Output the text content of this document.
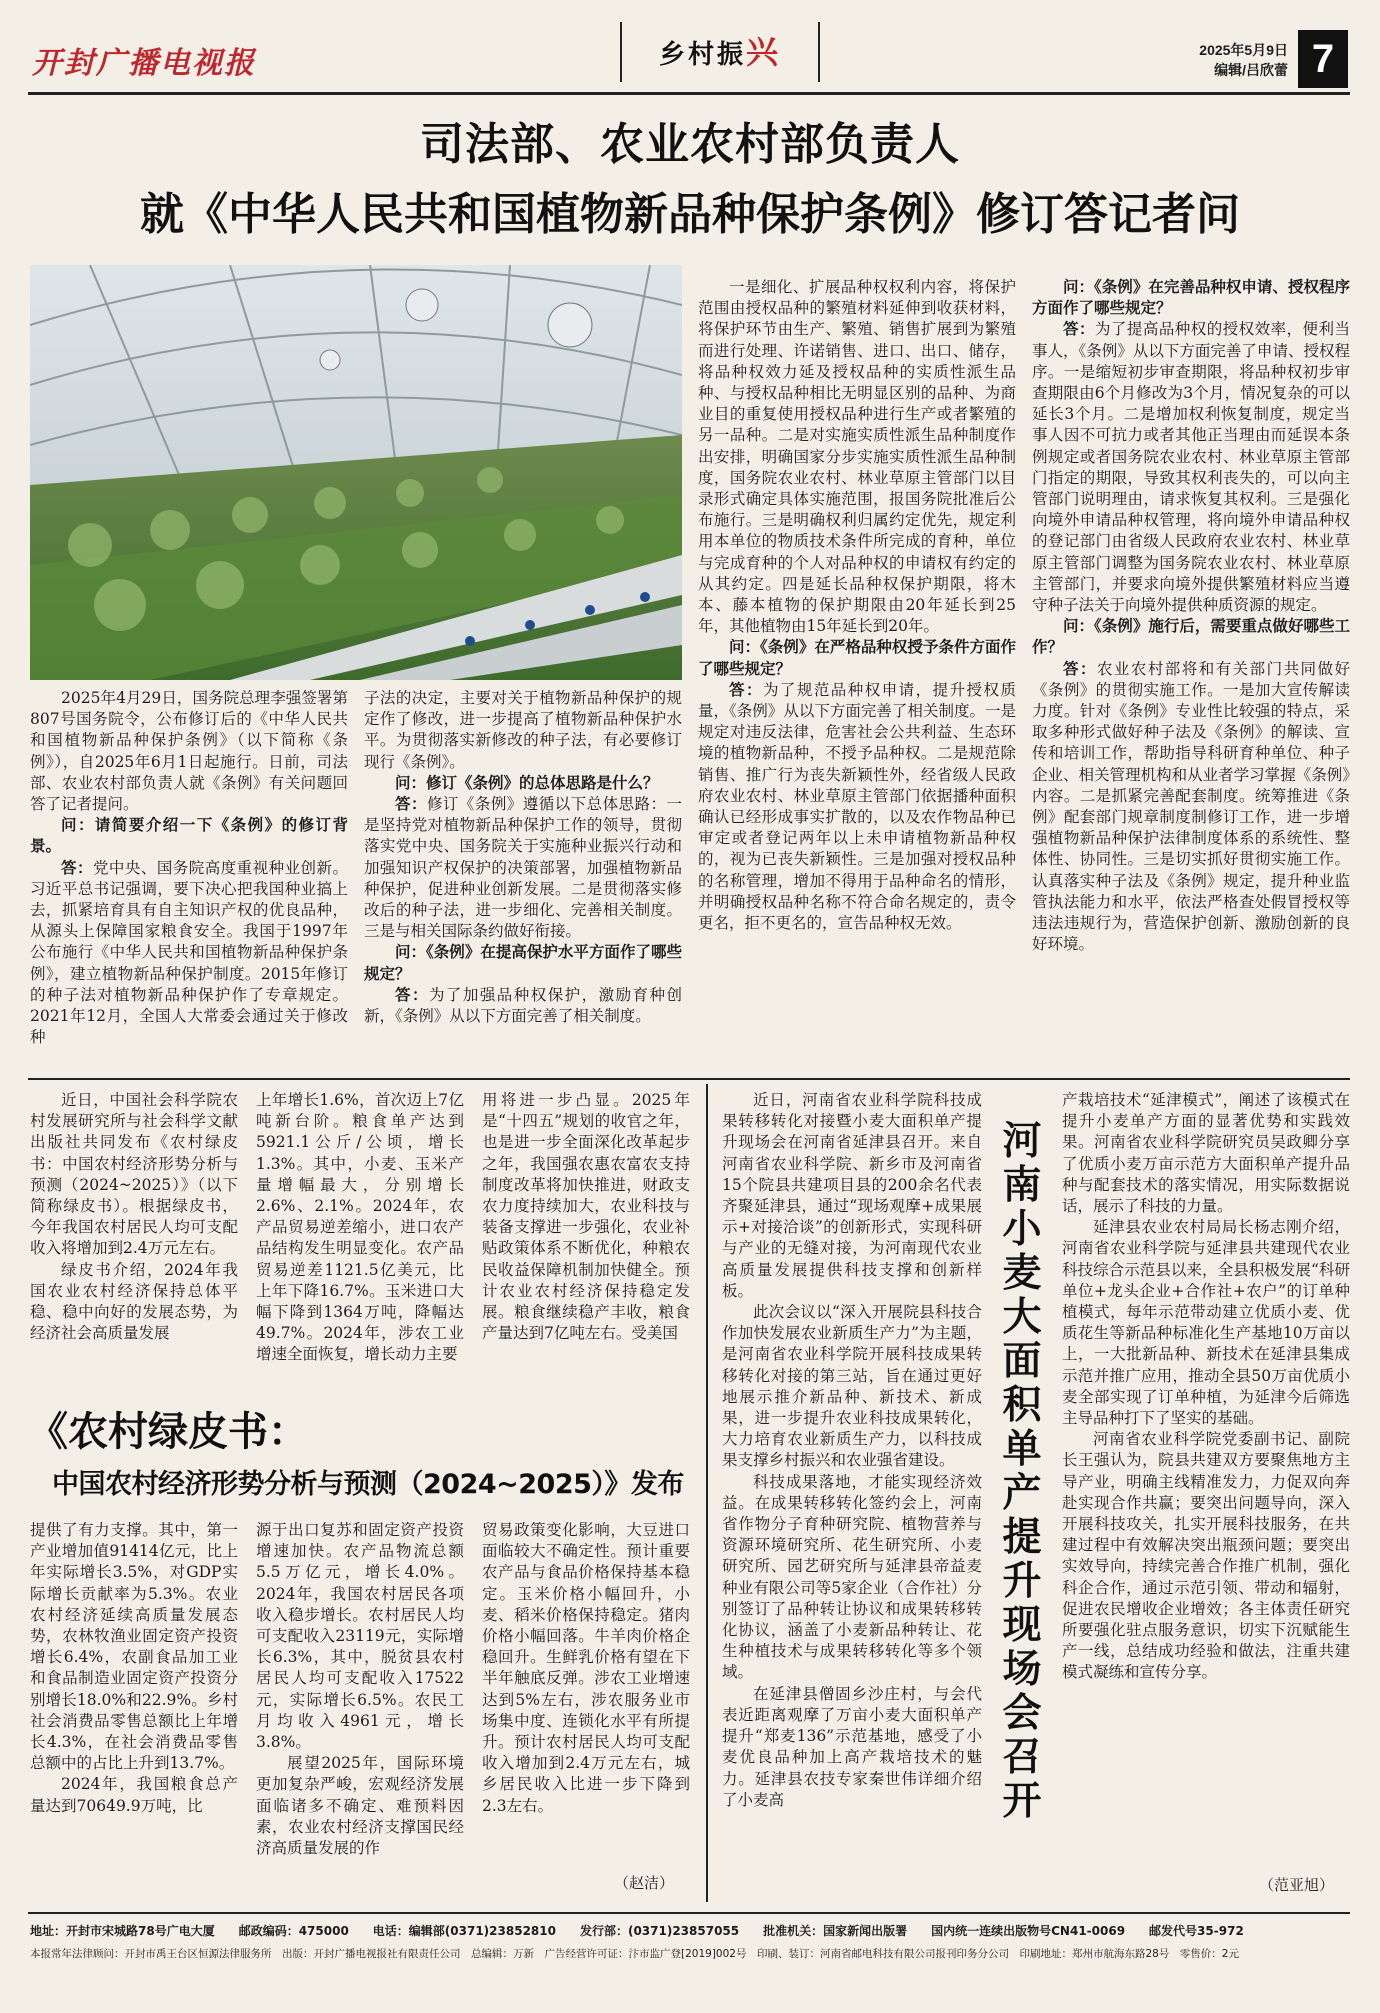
开封广播电视报	乡村振兴	2025年5月9日
编辑/吕欣蕾 7
司法部、农业农村部负责人
就《中华人民共和国植物新品种保护条例》修订答记者问

2025年4月29日，国务院总理李强签署第807号国务院令，公布修订后的《中华人民共和国植物新品种保护条例》（以下简称《条例》），自2025年6月1日起施行。日前，司法部、农业农村部负责人就《条例》有关问题回答了记者提问。

问：请简要介绍一下《条例》的修订背景。

答：党中央、国务院高度重视种业创新。习近平总书记强调，要下决心把我国种业搞上去，抓紧培育具有自主知识产权的优良品种，从源头上保障国家粮食安全。我国于1997年公布施行《中华人民共和国植物新品种保护条例》，建立植物新品种保护制度。2015年修订的种子法对植物新品种保护作了专章规定。2021年12月，全国人大常委会通过关于修改种

子法的决定，主要对关于植物新品种保护的规定作了修改，进一步提高了植物新品种保护水平。为贯彻落实新修改的种子法，有必要修订现行《条例》。

问：修订《条例》的总体思路是什么？

答：修订《条例》遵循以下总体思路：一是坚持党对植物新品种保护工作的领导，贯彻落实党中央、国务院关于实施种业振兴行动和加强知识产权保护的决策部署，加强植物新品种保护，促进种业创新发展。二是贯彻落实修改后的种子法，进一步细化、完善相关制度。三是与相关国际条约做好衔接。

问：《条例》在提高保护水平方面作了哪些规定？

答：为了加强品种权保护，激励育种创新，《条例》从以下方面完善了相关制度。

一是细化、扩展品种权权利内容，将保护范围由授权品种的繁殖材料延伸到收获材料，将保护环节由生产、繁殖、销售扩展到为繁殖而进行处理、许诺销售、进口、出口、储存，将品种权效力延及授权品种的实质性派生品种、与授权品种相比无明显区别的品种、为商业目的重复使用授权品种进行生产或者繁殖的另一品种。二是对实施实质性派生品种制度作出安排，明确国家分步实施实质性派生品种制度，国务院农业农村、林业草原主管部门以目录形式确定具体实施范围，报国务院批准后公布施行。三是明确权利归属约定优先，规定利用本单位的物质技术条件所完成的育种，单位与完成育种的个人对品种权的申请权有约定的从其约定。四是延长品种权保护期限，将木本、藤本植物的保护期限由20年延长到25年，其他植物由15年延长到20年。

问：《条例》在严格品种权授予条件方面作了哪些规定？

答：为了规范品种权申请，提升授权质量，《条例》从以下方面完善了相关制度。一是规定对违反法律，危害社会公共利益、生态环境的植物新品种，不授予品种权。二是规范除销售、推广行为丧失新颖性外，经省级人民政府农业农村、林业草原主管部门依据播种面积确认已经形成事实扩散的，以及农作物品种已审定或者登记两年以上未申请植物新品种权的，视为已丧失新颖性。三是加强对授权品种的名称管理，增加不得用于品种命名的情形，并明确授权品种名称不符合命名规定的，责令更名，拒不更名的，宣告品种权无效。

问：《条例》在完善品种权申请、授权程序方面作了哪些规定？

答：为了提高品种权的授权效率，便利当事人，《条例》从以下方面完善了申请、授权程序。一是缩短初步审查期限，将品种权初步审查期限由6个月修改为3个月，情况复杂的可以延长3个月。二是增加权利恢复制度，规定当事人因不可抗力或者其他正当理由而延误本条例规定或者国务院农业农村、林业草原主管部门指定的期限，导致其权利丧失的，可以向主管部门说明理由，请求恢复其权利。三是强化向境外申请品种权管理，将向境外申请品种权的登记部门由省级人民政府农业农村、林业草原主管部门调整为国务院农业农村、林业草原主管部门，并要求向境外提供繁殖材料应当遵守种子法关于向境外提供种质资源的规定。

问：《条例》施行后，需要重点做好哪些工作？

答：农业农村部将和有关部门共同做好《条例》的贯彻实施工作。一是加大宣传解读力度。针对《条例》专业性比较强的特点，采取多种形式做好种子法及《条例》的解读、宣传和培训工作，帮助指导科研育种单位、种子企业、相关管理机构和从业者学习掌握《条例》内容。二是抓紧完善配套制度。统筹推进《条例》配套部门规章制度制修订工作，进一步增强植物新品种保护法律制度体系的系统性、整体性、协同性。三是切实抓好贯彻实施工作。认真落实种子法及《条例》规定，提升种业监管执法能力和水平，依法严格查处假冒授权等违法违规行为，营造保护创新、激励创新的良好环境。

近日，中国社会科学院农村发展研究所与社会科学文献出版社共同发布《农村绿皮书：中国农村经济形势分析与预测（2024~2025）》（以下简称绿皮书）。根据绿皮书，今年我国农村居民人均可支配收入将增加到2.4万元左右。

绿皮书介绍，2024年我国农业农村经济保持总体平稳、稳中向好的发展态势，为经济社会高质量发展

上年增长1.6%，首次迈上7亿吨新台阶。粮食单产达到5921.1公斤/公顷，增长1.3%。其中，小麦、玉米产量增幅最大，分别增长2.6%、2.1%。2024年，农产品贸易逆差缩小，进口农产品结构发生明显变化。农产品贸易逆差1121.5亿美元，比上年下降16.7%。玉米进口大幅下降到1364万吨，降幅达49.7%。2024年，涉农工业增速全面恢复，增长动力主要

用将进一步凸显。2025年是“十四五”规划的收官之年，也是进一步全面深化改革起步之年，我国强农惠农富农支持制度改革将加快推进，财政支农力度持续加大，农业科技与装备支撑进一步强化，农业补贴政策体系不断优化，种粮农民收益保障机制加快健全。预计农业农村经济保持稳定发展。粮食继续稳产丰收，粮食产量达到7亿吨左右。受美国

《农村绿皮书：
中国农村经济形势分析与预测（2024~2025）》发布

提供了有力支撑。其中，第一产业增加值91414亿元，比上年实际增长3.5%，对GDP实际增长贡献率为5.3%。农业农村经济延续高质量发展态势，农林牧渔业固定资产投资增长6.4%，农副食品加工业和食品制造业固定资产投资分别增长18.0%和22.9%。乡村社会消费品零售总额比上年增长4.3%，在社会消费品零售总额中的占比上升到13.7%。

2024年，我国粮食总产量达到70649.9万吨，比

源于出口复苏和固定资产投资增速加快。农产品物流总额5.5万亿元，增长4.0%。2024年，我国农村居民各项收入稳步增长。农村居民人均可支配收入23119元，实际增长6.3%，其中，脱贫县农村居民人均可支配收入17522元，实际增长6.5%。农民工月均收入4961元，增长3.8%。

展望2025年，国际环境更加复杂严峻，宏观经济发展面临诸多不确定、难预料因素，农业农村经济支撑国民经济高质量发展的作

贸易政策变化影响，大豆进口面临较大不确定性。预计重要农产品与食品价格保持基本稳定。玉米价格小幅回升，小麦、稻米价格保持稳定。猪肉价格小幅回落。牛羊肉价格企稳回升。生鲜乳价格有望在下半年触底反弹。涉农工业增速达到5%左右，涉农服务业市场集中度、连锁化水平有所提升。预计农村居民人均可支配收入增加到2.4万元左右，城乡居民收入比进一步下降到2.3左右。

（赵洁）

近日，河南省农业科学院科技成果转移转化对接暨小麦大面积单产提升现场会在河南省延津县召开。来自河南省农业科学院、新乡市及河南省15个院县共建项目县的200余名代表齐聚延津县，通过“现场观摩+成果展示+对接洽谈”的创新形式，实现科研与产业的无缝对接，为河南现代农业高质量发展提供科技支撑和创新样板。

此次会议以“深入开展院县科技合作加快发展农业新质生产力”为主题，是河南省农业科学院开展科技成果转移转化对接的第三站，旨在通过更好地展示推介新品种、新技术、新成果，进一步提升农业科技成果转化，大力培育农业新质生产力，以科技成果支撑乡村振兴和农业强省建设。

科技成果落地，才能实现经济效益。在成果转移转化签约会上，河南省作物分子育种研究院、植物营养与资源环境研究所、花生研究所、小麦研究所、园艺研究所与延津县帝益麦种业有限公司等5家企业（合作社）分别签订了品种转让协议和成果转移转化协议，涵盖了小麦新品种转让、花生种植技术与成果转移转化等多个领域。

在延津县僧固乡沙庄村，与会代表近距离观摩了万亩小麦大面积单产提升“郑麦136”示范基地，感受了小麦优良品种加上高产栽培技术的魅力。延津县农技专家秦世伟详细介绍了小麦高

河
南
小
麦
大
面
积
单
产
提
升
现
场
会
召
开

产栽培技术“延津模式”，阐述了该模式在提升小麦单产方面的显著优势和实践效果。河南省农业科学院研究员吴政卿分享了优质小麦万亩示范方大面积单产提升品种与配套技术的落实情况，用实际数据说话，展示了科技的力量。

延津县农业农村局局长杨志刚介绍，河南省农业科学院与延津县共建现代农业科技综合示范县以来，全县积极发展“科研单位+龙头企业+合作社+农户”的订单种植模式，每年示范带动建立优质小麦、优质花生等新品种标准化生产基地10万亩以上，一大批新品种、新技术在延津县集成示范并推广应用，推动全县50万亩优质小麦全部实现了订单种植，为延津今后筛选主导品种打下了坚实的基础。

河南省农业科学院党委副书记、副院长王强认为，院县共建双方要聚焦地方主导产业，明确主线精准发力，力促双向奔赴实现合作共赢；要突出问题导向，深入开展科技攻关，扎实开展科技服务，在共建过程中有效解决突出瓶颈问题；要突出实效导向，持续完善合作推广机制，强化科企合作，通过示范引领、带动和辐射，促进农民增收企业增效；各主体责任研究所要强化驻点服务意识，切实下沉赋能生产一线，总结成功经验和做法，注重共建模式凝练和宣传分享。

（范亚旭）
地址：开封市宋城路78号广电大厦　　邮政编码：475000　　电话：编辑部(0371)23852810　　发行部：(0371)23857055　　批准机关：国家新闻出版署　　国内统一连续出版物号CN41-0069　　邮发代号35-972
本报常年法律顾问：开封市禹王台区恒源法律服务所　出版：开封广播电视报社有限责任公司　总编辑：万新　广告经营许可证：汴市监广登[2019]002号　印刷、装订：河南省邮电科技有限公司报刊印务分公司　印刷地址：郑州市航海东路28号　零售价：2元
